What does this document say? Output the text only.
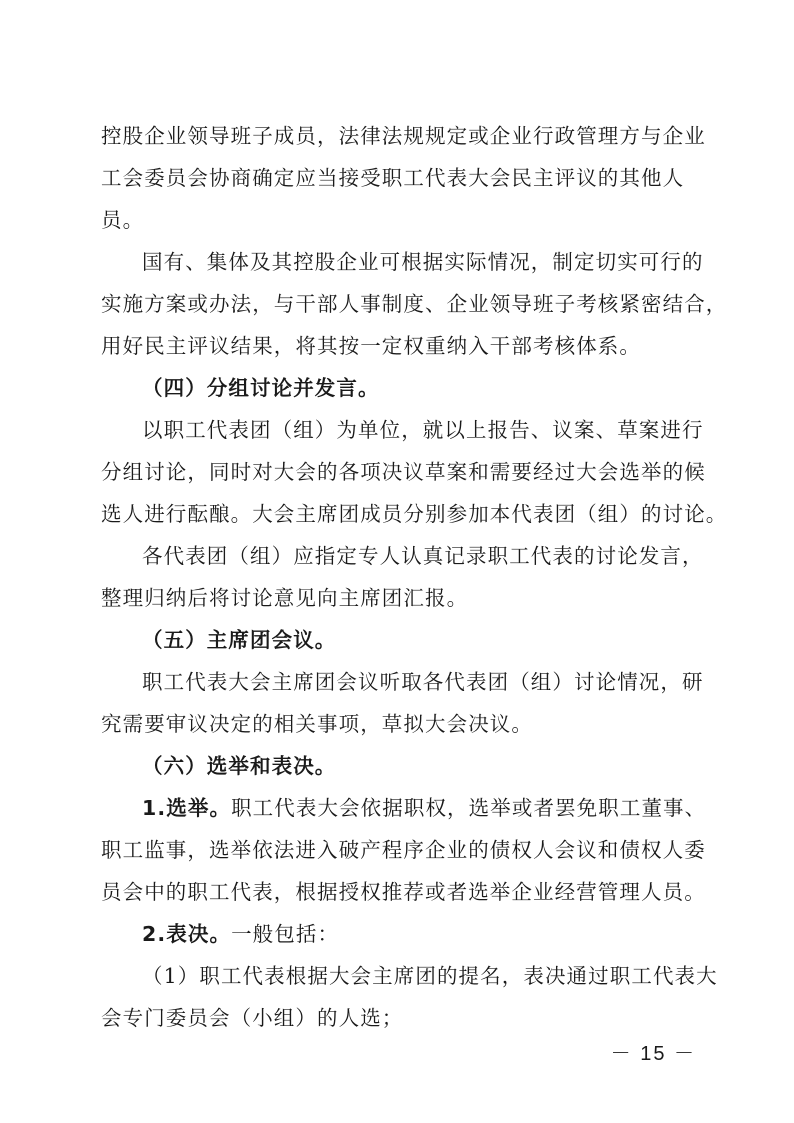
控股企业领导班子成员，法律法规规定或企业行政管理方与企业
工会委员会协商确定应当接受职工代表大会民主评议的其他人
员。
国有、集体及其控股企业可根据实际情况，制定切实可行的
实施方案或办法，与干部人事制度、企业领导班子考核紧密结合，
用好民主评议结果，将其按一定权重纳入干部考核体系。
（四）分组讨论并发言。
以职工代表团（组）为单位，就以上报告、议案、草案进行
分组讨论，同时对大会的各项决议草案和需要经过大会选举的候
选人进行酝酿。大会主席团成员分别参加本代表团（组）的讨论。
各代表团（组）应指定专人认真记录职工代表的讨论发言，
整理归纳后将讨论意见向主席团汇报。
（五）主席团会议。
职工代表大会主席团会议听取各代表团（组）讨论情况，研
究需要审议决定的相关事项，草拟大会决议。
（六）选举和表决。
1.选举。职工代表大会依据职权，选举或者罢免职工董事、
职工监事，选举依法进入破产程序企业的债权人会议和债权人委
员会中的职工代表，根据授权推荐或者选举企业经营管理人员。
2.表决。一般包括：
（1）职工代表根据大会主席团的提名，表决通过职工代表大
会专门委员会（小组）的人选；
－ 15 －
